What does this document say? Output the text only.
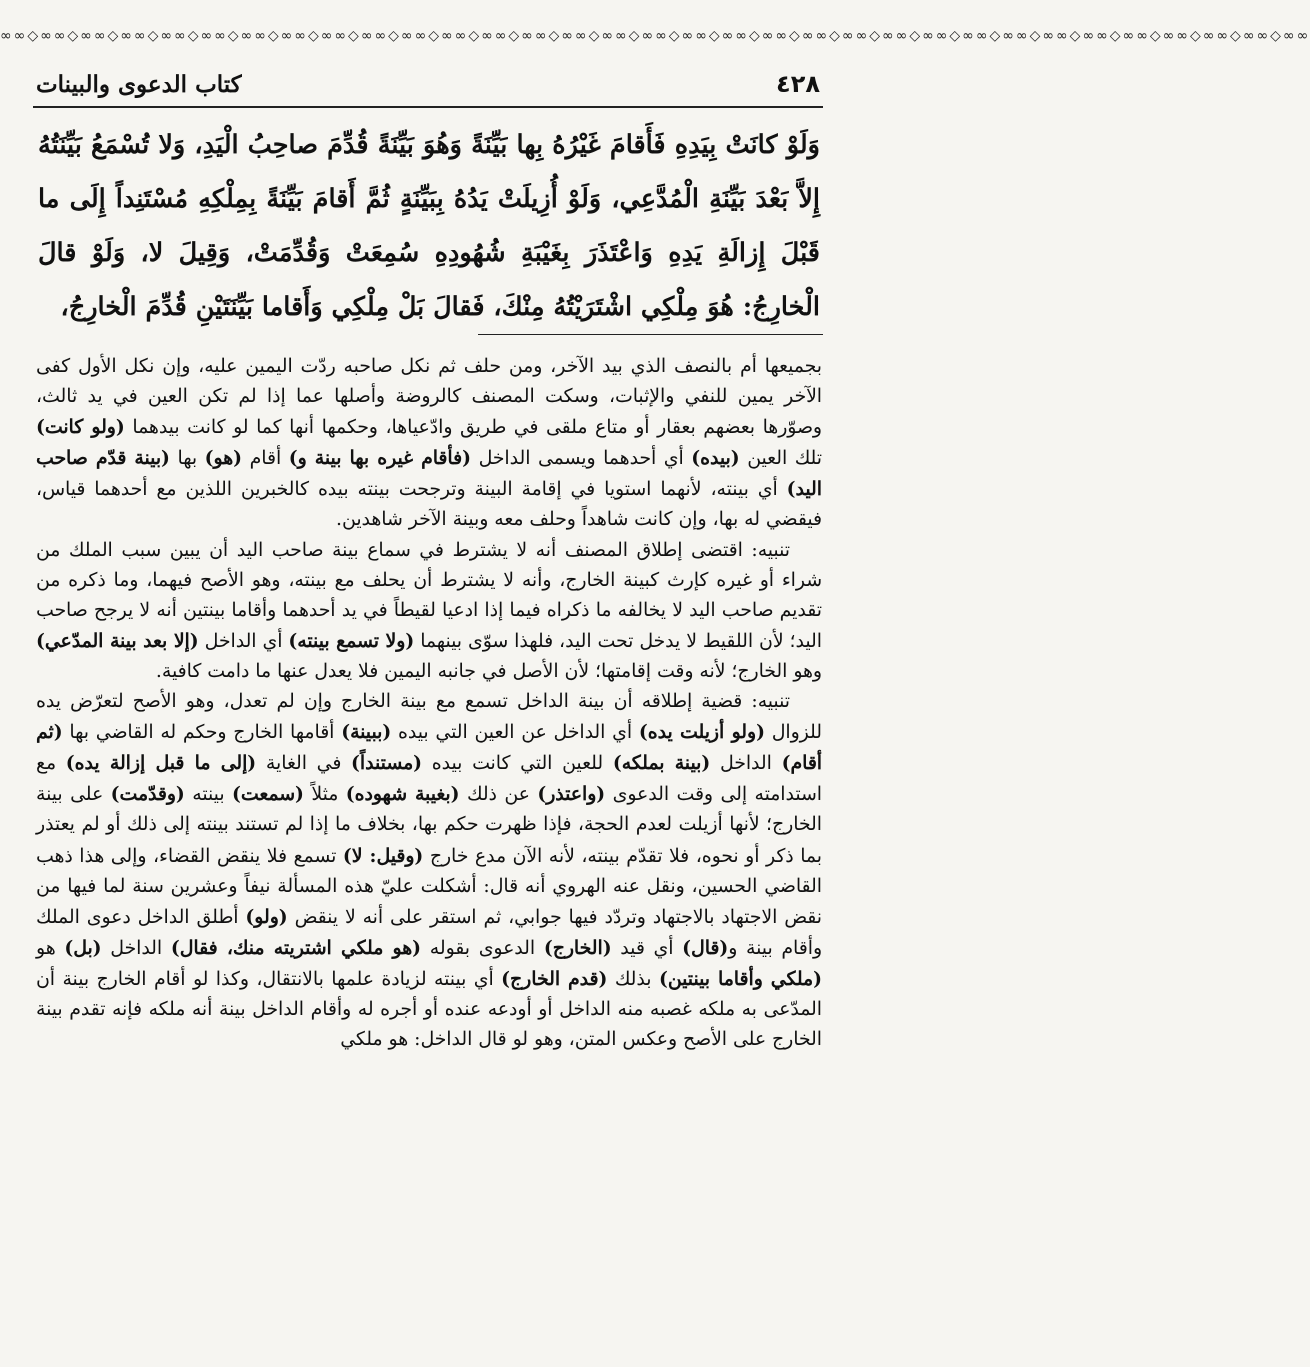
∞∞◇∞∞◇∞∞◇∞∞◇∞∞◇∞∞◇∞∞◇∞∞◇∞∞◇∞∞◇∞∞◇∞∞◇∞∞◇∞∞◇∞∞◇∞∞◇∞∞◇∞∞◇∞∞◇∞∞◇∞∞◇∞∞◇∞∞◇∞∞◇∞∞◇∞∞◇∞∞◇∞∞◇∞∞◇∞∞◇∞∞◇∞∞◇∞∞
٤٢٨
كتاب الدعوى والبينات
وَلَوْ كانَتْ بِيَدِهِ فَأَقامَ غَيْرُهُ بِها بَيِّنَةً وَهُوَ بَيِّنَةً قُدِّمَ صاحِبُ الْيَدِ، وَلا تُسْمَعُ بَيِّنَتُهُ إِلاَّ بَعْدَ بَيِّنَةِ الْمُدَّعِي، وَلَوْ أُزِيلَتْ يَدُهُ بِبَيِّنَةٍ ثُمَّ أَقامَ بَيِّنَةً بِمِلْكِهِ مُسْتَنِداً إِلَى ما قَبْلَ إِزالَةِ يَدِهِ وَاعْتَذَرَ بِغَيْبَةِ شُهُودِهِ سُمِعَتْ وَقُدِّمَتْ، وَقِيلَ لا، وَلَوْ قالَ الْخارِجُ: هُوَ مِلْكِي اشْتَرَيْتُهُ مِنْكَ، فَقالَ بَلْ مِلْكِي وَأَقاما بَيِّنَتَيْنِ قُدِّمَ الْخارِجُ،

بجميعها أم بالنصف الذي بيد الآخر، ومن حلف ثم نكل صاحبه ردّت اليمين عليه، وإن نكل الأول كفى الآخر يمين للنفي والإثبات، وسكت المصنف كالروضة وأصلها عما إذا لم تكن العين في يد ثالث، وصوّرها بعضهم بعقار أو متاع ملقى في طريق وادّعياها، وحكمها أنها كما لو كانت بيدهما (ولو كانت) تلك العين (بيده) أي أحدهما ويسمى الداخل (فأقام غيره بها بينة و) أقام (هو) بها (بينة قدّم صاحب اليد) أي بينته، لأنهما استويا في إقامة البينة وترجحت بينته بيده كالخبرين اللذين مع أحدهما قياس، فيقضي له بها، وإن كانت شاهداً وحلف معه وبينة الآخر شاهدين.

تنبيه: اقتضى إطلاق المصنف أنه لا يشترط في سماع بينة صاحب اليد أن يبين سبب الملك من شراء أو غيره كإرث كبينة الخارج، وأنه لا يشترط أن يحلف مع بينته، وهو الأصح فيهما، وما ذكره من تقديم صاحب اليد لا يخالفه ما ذكراه فيما إذا ادعيا لقيطاً في يد أحدهما وأقاما بينتين أنه لا يرجح صاحب اليد؛ لأن اللقيط لا يدخل تحت اليد، فلهذا سوّى بينهما (ولا تسمع بينته) أي الداخل (إلا بعد بينة المدّعي) وهو الخارج؛ لأنه وقت إقامتها؛ لأن الأصل في جانبه اليمين فلا يعدل عنها ما دامت كافية.

تنبيه: قضية إطلاقه أن بينة الداخل تسمع مع بينة الخارج وإن لم تعدل، وهو الأصح لتعرّض يده للزوال (ولو أزيلت يده) أي الداخل عن العين التي بيده (ببينة) أقامها الخارج وحكم له القاضي بها (ثم أقام) الداخل (بينة بملكه) للعين التي كانت بيده (مستنداً) في الغاية (إلى ما قبل إزالة يده) مع استدامته إلى وقت الدعوى (واعتذر) عن ذلك (بغيبة شهوده) مثلاً (سمعت) بينته (وقدّمت) على بينة الخارج؛ لأنها أزيلت لعدم الحجة، فإذا ظهرت حكم بها، بخلاف ما إذا لم تستند بينته إلى ذلك أو لم يعتذر بما ذكر أو نحوه، فلا تقدّم بينته، لأنه الآن مدع خارج (وقيل: لا) تسمع فلا ينقض القضاء، وإلى هذا ذهب القاضي الحسين، ونقل عنه الهروي أنه قال: أشكلت عليّ هذه المسألة نيفاً وعشرين سنة لما فيها من نقض الاجتهاد بالاجتهاد وتردّد فيها جوابي، ثم استقر على أنه لا ينقض (ولو) أطلق الداخل دعوى الملك وأقام بينة و(قال) أي قيد (الخارج) الدعوى بقوله (هو ملكي اشتريته منك، فقال) الداخل (بل) هو (ملكي وأقاما بينتين) بذلك (قدم الخارج) أي بينته لزيادة علمها بالانتقال، وكذا لو أقام الخارج بينة أن المدّعى به ملكه غصبه منه الداخل أو أودعه عنده أو أجره له وأقام الداخل بينة أنه ملكه فإنه تقدم بينة الخارج على الأصح وعكس المتن، وهو لو قال الداخل: هو ملكي
